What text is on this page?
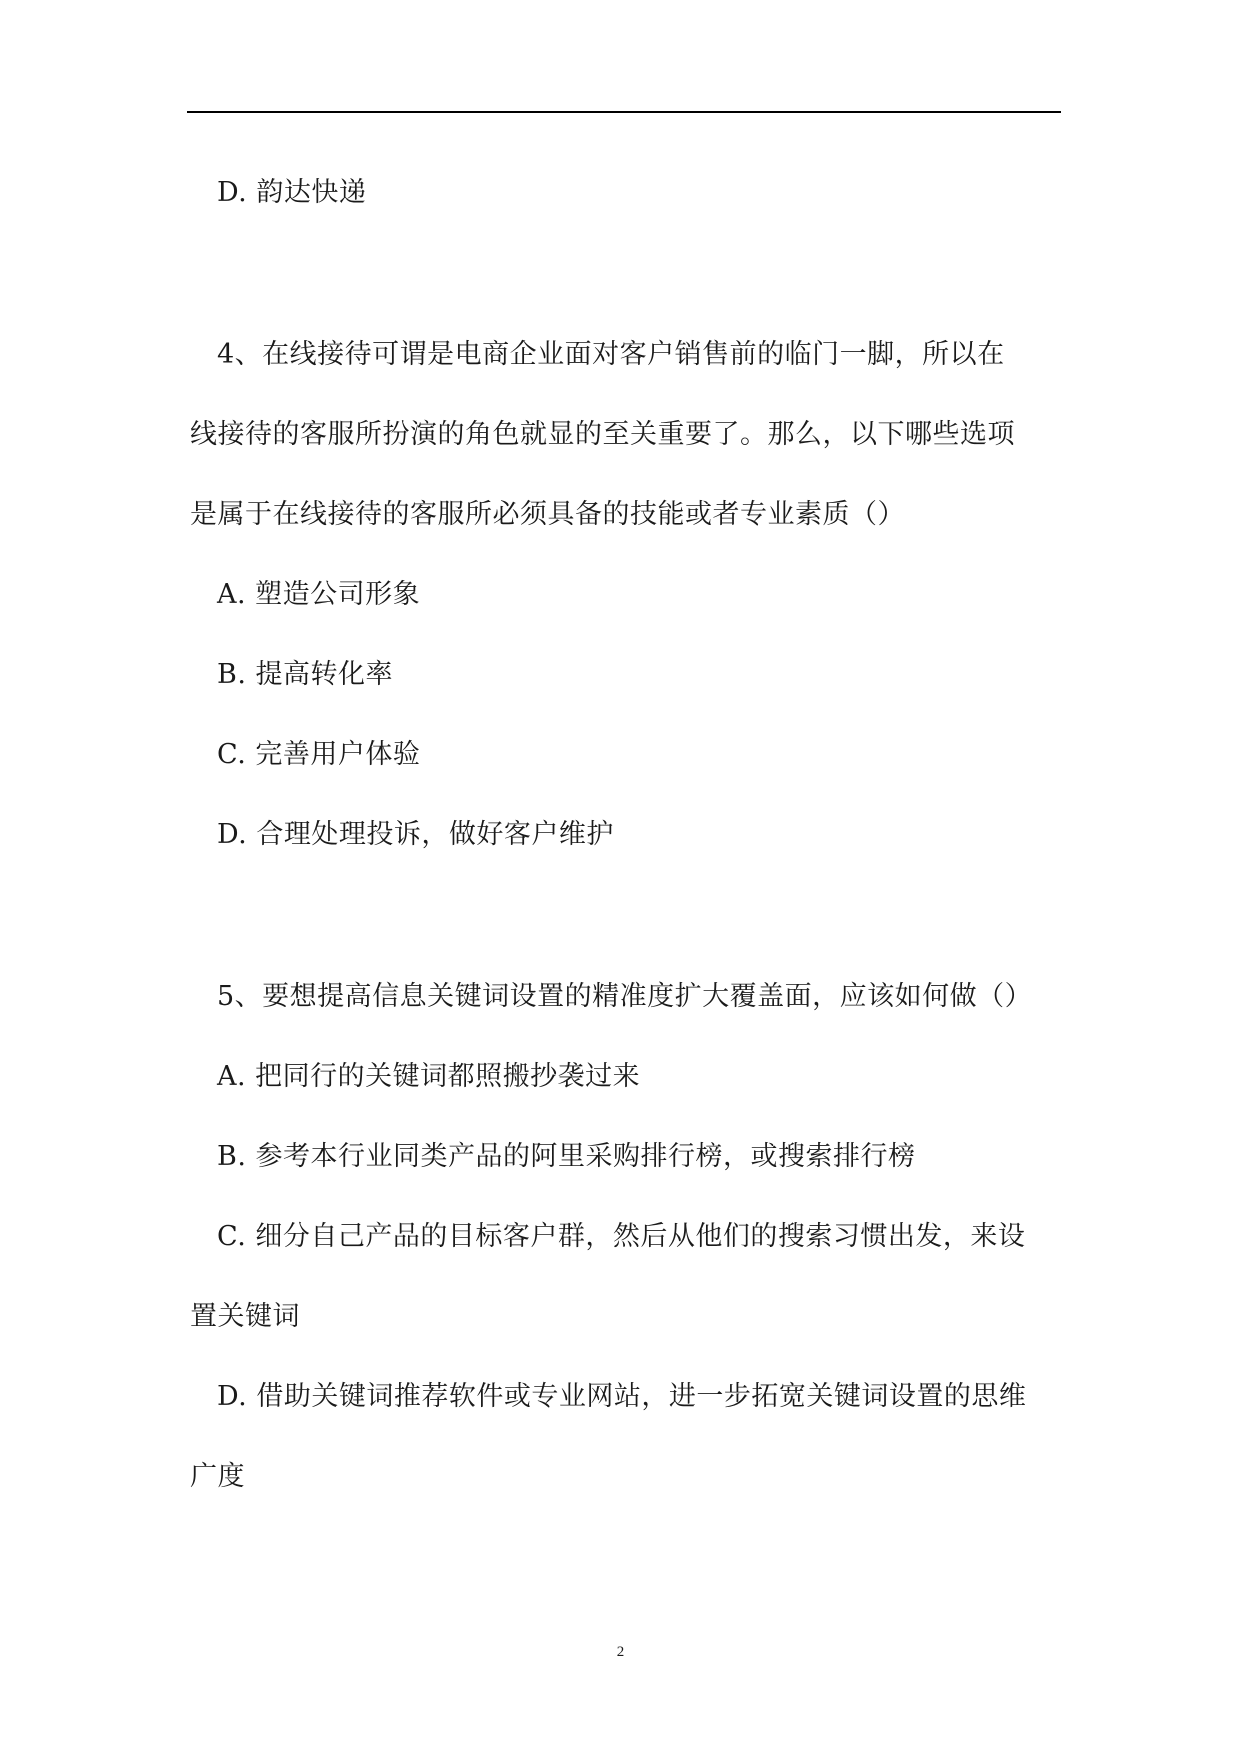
D. 韵达快递
4、在线接待可谓是电商企业面对客户销售前的临门一脚，所以在
线接待的客服所扮演的角色就显的至关重要了。那么，以下哪些选项
是属于在线接待的客服所必须具备的技能或者专业素质（）
A. 塑造公司形象
B. 提高转化率
C. 完善用户体验
D. 合理处理投诉，做好客户维护
5、要想提高信息关键词设置的精准度扩大覆盖面，应该如何做（）
A. 把同行的关键词都照搬抄袭过来
B. 参考本行业同类产品的阿里采购排行榜，或搜索排行榜
C. 细分自己产品的目标客户群，然后从他们的搜索习惯出发，来设
置关键词
D. 借助关键词推荐软件或专业网站，进一步拓宽关键词设置的思维
广度
2
